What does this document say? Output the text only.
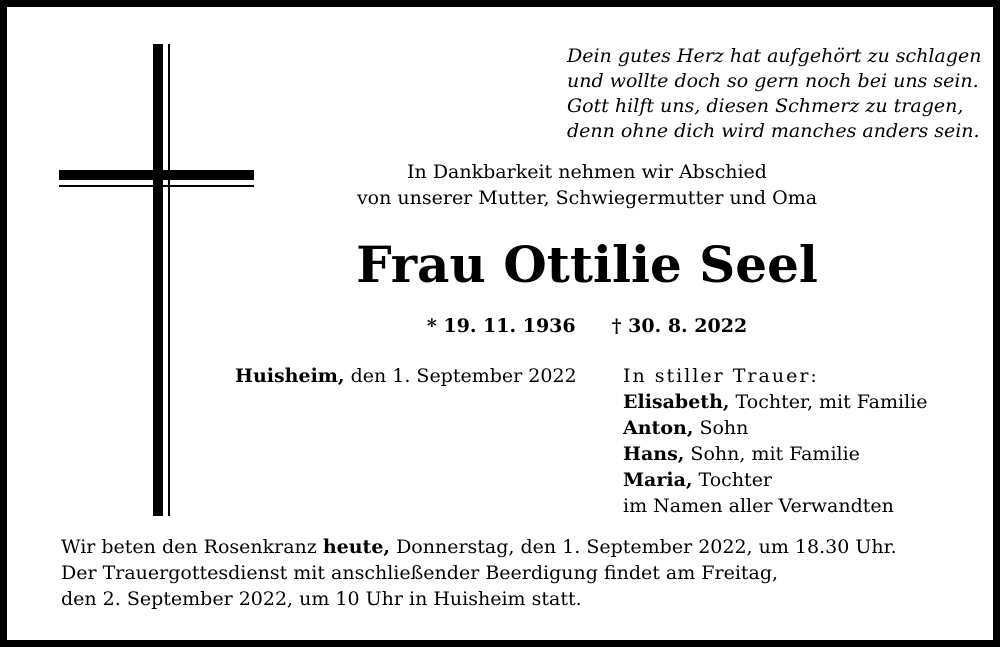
Dein gutes Herz hat aufgehört zu schlagen
und wollte doch so gern noch bei uns sein.
Gott hilft uns, diesen Schmerz zu tragen,
denn ohne dich wird manches anders sein.
In Dankbarkeit nehmen wir Abschied
von unserer Mutter, Schwiegermutter und Oma
Frau Ottilie Seel
* 19. 11. 1936 † 30. 8. 2022
Huisheim, den 1. September 2022 In stiller Trauer:
Elisabeth, Tochter, mit Familie
Anton, Sohn
Hans, Sohn, mit Familie
Maria, Tochter
im Namen aller Verwandten
Wir beten den Rosenkranz heute, Donnerstag, den 1. September 2022, um 18.30 Uhr.
Der Trauergottesdienst mit anschließender Beerdigung findet am Freitag,
den 2. September 2022, um 10 Uhr in Huisheim statt.
